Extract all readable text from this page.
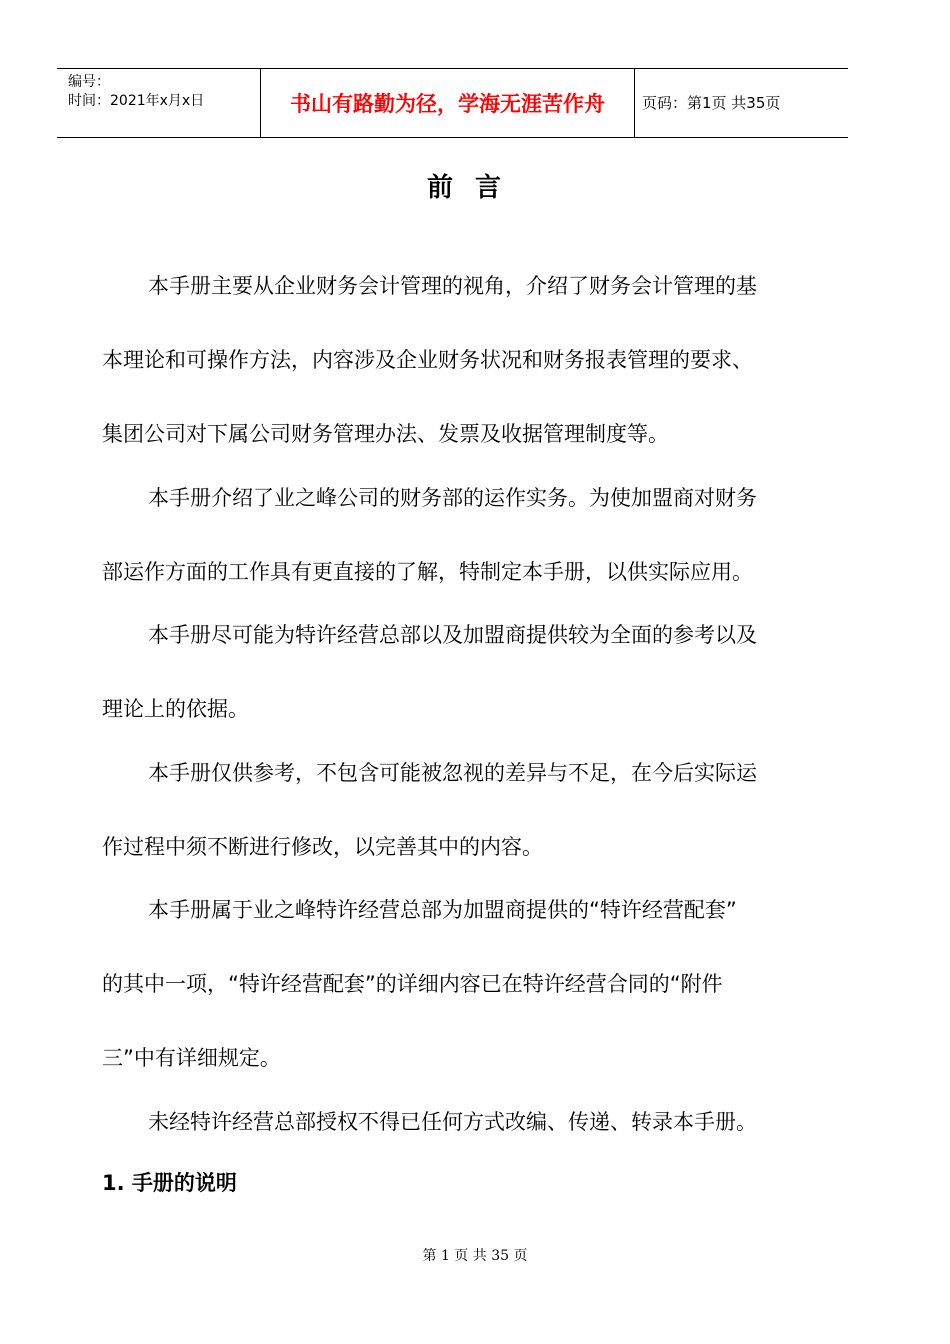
编号：
时间：2021年x月x日	书山有路勤为径，学海无涯苦作舟	页码：第1页 共35页
前言
本手册主要从企业财务会计管理的视角，介绍了财务会计管理的基
本理论和可操作方法，内容涉及企业财务状况和财务报表管理的要求、
集团公司对下属公司财务管理办法、发票及收据管理制度等。
本手册介绍了业之峰公司的财务部的运作实务。为使加盟商对财务
部运作方面的工作具有更直接的了解，特制定本手册，以供实际应用。
本手册尽可能为特许经营总部以及加盟商提供较为全面的参考以及
理论上的依据。
本手册仅供参考，不包含可能被忽视的差异与不足，在今后实际运
作过程中须不断进行修改，以完善其中的内容。
本手册属于业之峰特许经营总部为加盟商提供的“特许经营配套”
的其中一项，“特许经营配套”的详细内容已在特许经营合同的“附件
三”中有详细规定。
未经特许经营总部授权不得已任何方式改编、传递、转录本手册。
1. 手册的说明
第 1 页 共 35 页
